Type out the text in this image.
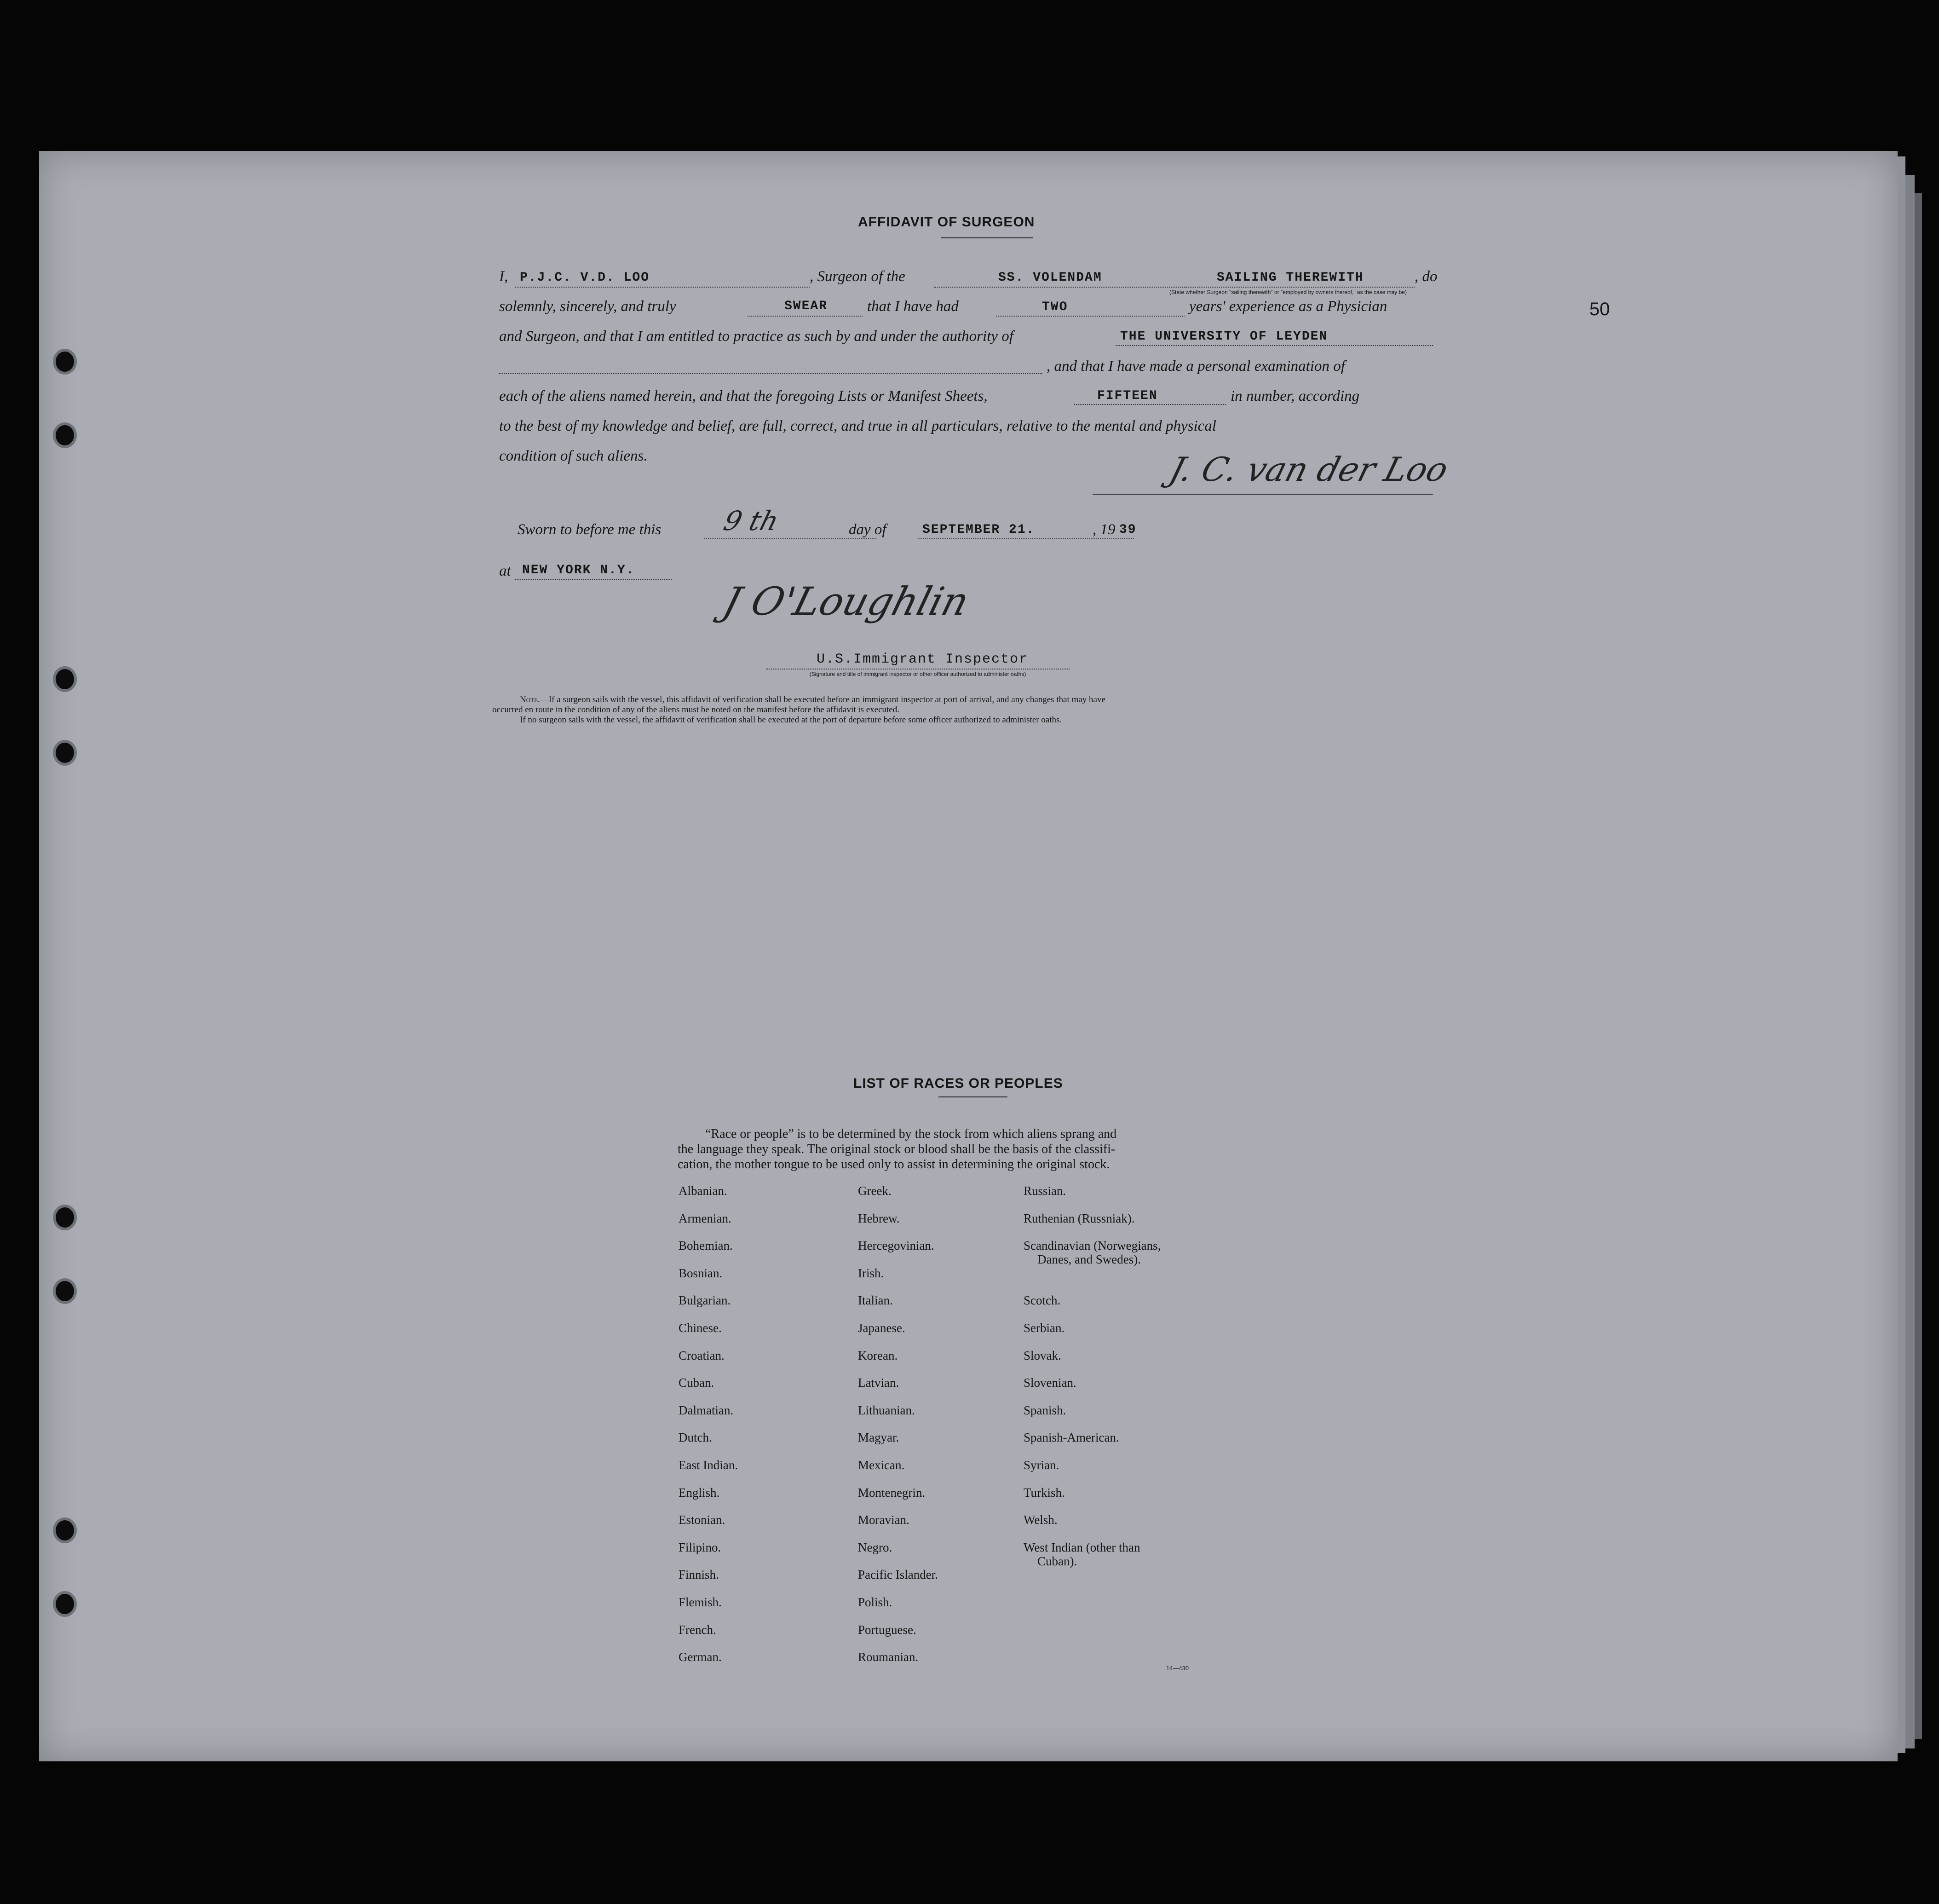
50
AFFIDAVIT OF SURGEON
I, P.J.C. V.D. LOO	, Surgeon of the	SS. VOLENDAM	SAILING THEREWITH	, do
(State whether Surgeon "sailing therewith" or "employed by owners thereof," as the case may be)
solemnly, sincerely, and truly	SWEAR	that I have had	TWO	years' experience as a Physician
and Surgeon, and that I am entitled to practice as such by and under the authority of	THE UNIVERSITY OF LEYDEN
, and that I have made a personal examination of
each of the aliens named herein, and that the foregoing Lists or Manifest Sheets,	FIFTEEN	in number, according
to the best of my knowledge and belief, are full, correct, and true in all particulars, relative to the mental and physical
condition of such aliens.	J. C. van der Loo
Sworn to before me this 9 th	day of	SEPTEMBER 21.	, 19 39
at NEW YORK N.Y.
J O'Loughlin
U.S.Immigrant Inspector
(Signature and title of immigrant inspector or other officer authorized to administer oaths)
Note.—If a surgeon sails with the vessel, this affidavit of verification shall be executed before an immigrant inspector at port of arrival, and any changes that may have
occurred en route in the condition of any of the aliens must be noted on the manifest before the affidavit is executed.
If no surgeon sails with the vessel, the affidavit of verification shall be executed at the port of departure before some officer authorized to administer oaths.
LIST OF RACES OR PEOPLES
“Race or people” is to be determined by the stock from which aliens sprang and
the language they speak. The original stock or blood shall be the basis of the classifi-
cation, the mother tongue to be used only to assist in determining the original stock.
Albanian.
Armenian.
Bohemian.
Bosnian.
Bulgarian.
Chinese.
Croatian.
Cuban.
Dalmatian.
Dutch.
East Indian.
English.
Estonian.
Filipino.
Finnish.
Flemish.
French.
German.
Greek.
Hebrew.
Hercegovinian.
Irish.
Italian.
Japanese.
Korean.
Latvian.
Lithuanian.
Magyar.
Mexican.
Montenegrin.
Moravian.
Negro.
Pacific Islander.
Polish.
Portuguese.
Roumanian.
Russian.
Ruthenian (Russniak).
Scandinavian (Norwegians,
Danes, and Swedes).
Scotch.
Serbian.
Slovak.
Slovenian.
Spanish.
Spanish-American.
Syrian.
Turkish.
Welsh.
West Indian (other than
Cuban).
14—430
